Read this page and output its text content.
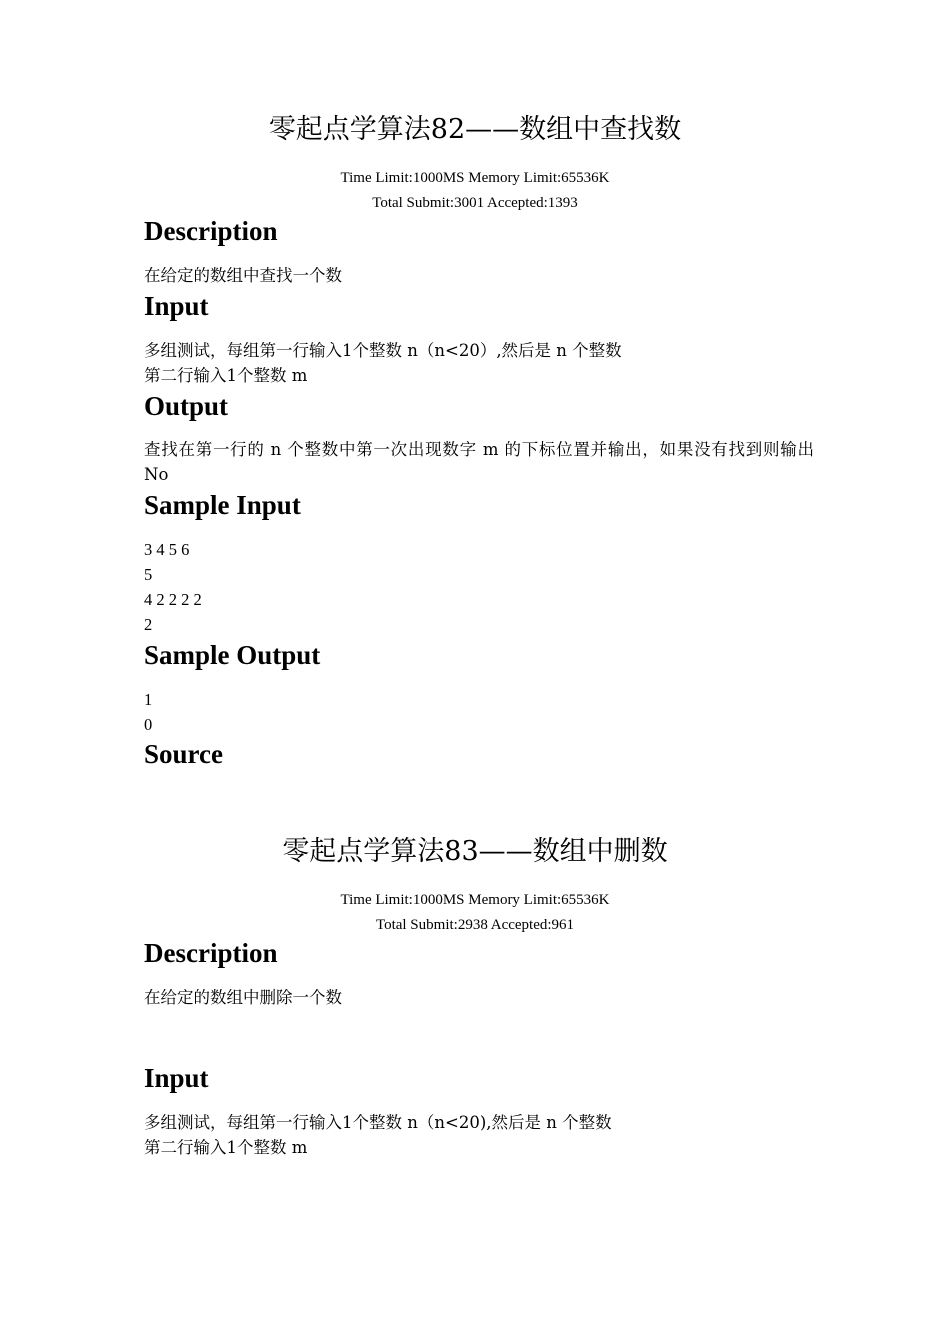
零起点学算法82——数组中查找数
Time Limit:1000MS Memory Limit:65536K
Total Submit:3001 Accepted:1393
Description
在给定的数组中查找一个数
Input
多组测试，每组第一行输入1个整数 n（n<20）,然后是 n 个整数
第二行输入1个整数 m
Output
查找在第一行的 n 个整数中第一次出现数字 m 的下标位置并输出，如果没有找到则输出 No
Sample Input
3 4 5 6
5
4 2 2 2 2
2
Sample Output
1
0
Source
零起点学算法83——数组中删数
Time Limit:1000MS Memory Limit:65536K
Total Submit:2938 Accepted:961
Description
在给定的数组中删除一个数
Input
多组测试，每组第一行输入1个整数 n（n<20),然后是 n 个整数
第二行输入1个整数 m
